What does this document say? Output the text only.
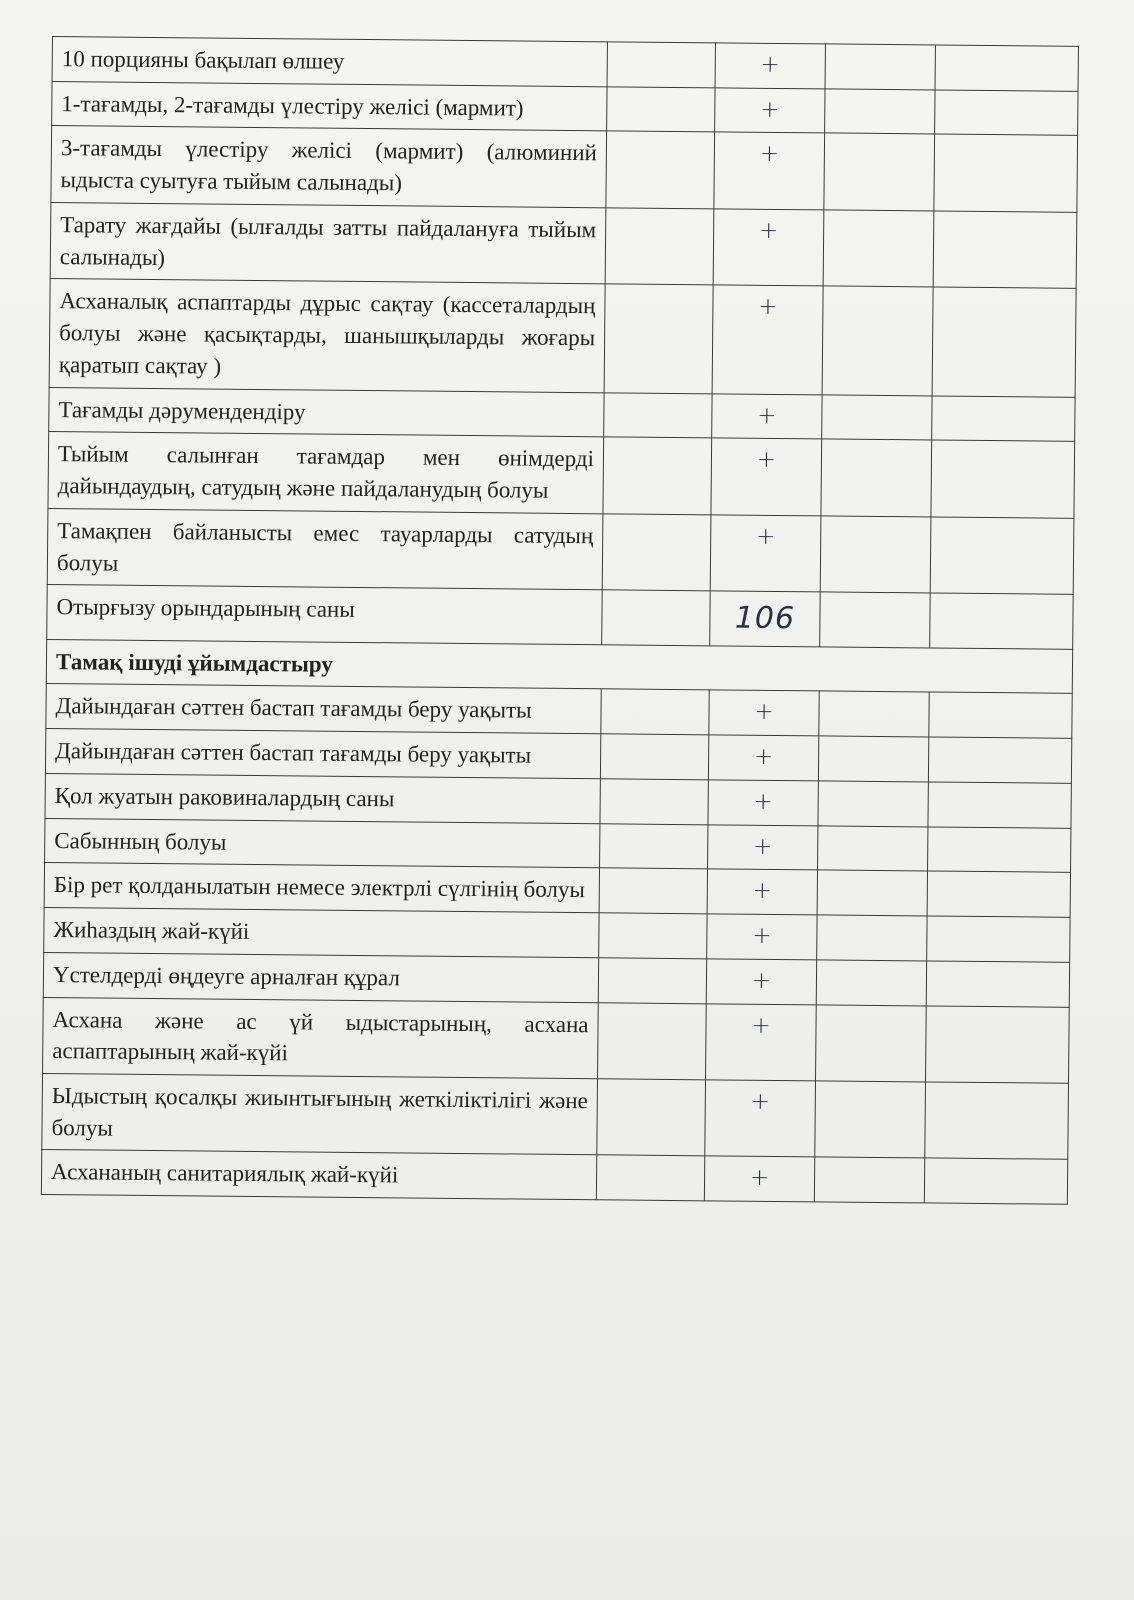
10 порцияны бақылап өлшеу		+		
1-тағамды, 2-тағамды үлестіру желісі (мармит)		+		
3-тағамды үлестіру желісі (мармит) (алюминий ыдыста суытуға тыйым салынады)		+		
Тарату жағдайы (ылғалды затты пайдалануға тыйым салынады)		+		
Асханалық аспаптарды дұрыс сақтау (кассеталардың болуы және қасықтарды, шанышқыларды жоғары қаратып сақтау )		+		
Тағамды дәрумендендіру		+		
Тыйым салынған тағамдар мен өнімдерді дайындаудың, сатудың және пайдаланудың болуы		+		
Тамақпен байланысты емес тауарларды сатудың болуы		+		
Отырғызу орындарының саны		106		
Тамақ ішуді ұйымдастыру				
Дайындаған сәттен бастап тағамды беру уақыты		+		
Дайындаған сәттен бастап тағамды беру уақыты		+		
Қол жуатын раковиналардың саны		+		
Сабынның болуы		+		
Бір рет қолданылатын немесе электрлі сүлгінің болуы		+		
Жиһаздың жай-күйі		+		
Үстелдерді өңдеуге арналған құрал		+		
Асхана және ас үй ыдыстарының, асхана аспаптарының жай-күйі		+		
Ыдыстың қосалқы жиынтығының жеткіліктілігі және болуы		+		
Асхананың санитариялық жай-күйі		+		
